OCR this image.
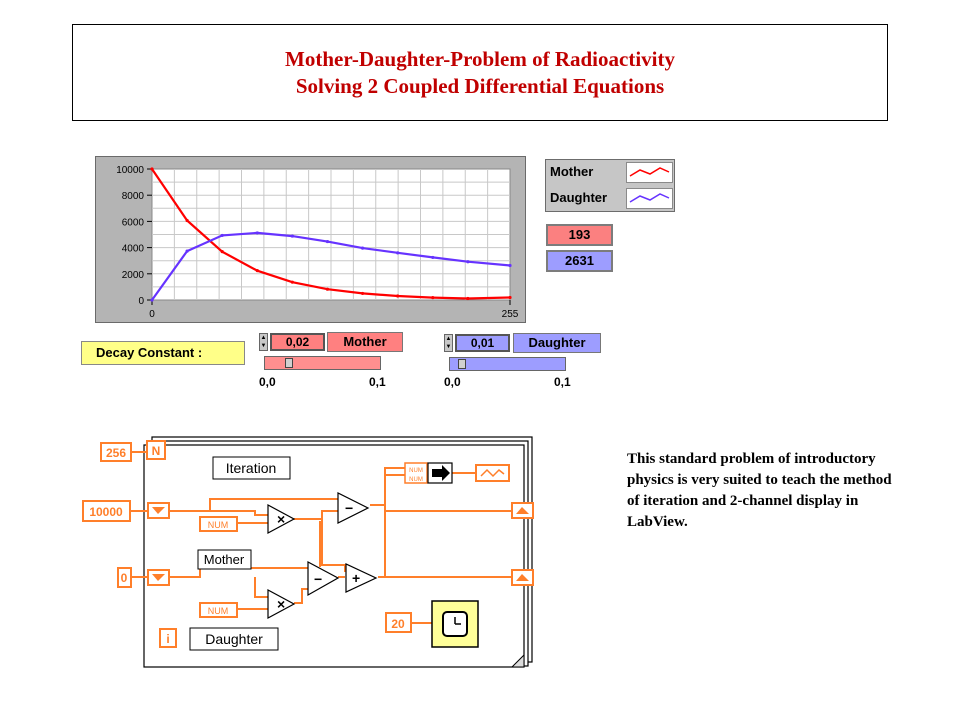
Mother-Daughter-Problem of Radioactivity
Solving 2 Coupled Differential Equations
0
2000
4000
6000
8000
10000
0	255
Mother
Daughter
193
2631
Decay Constant :
▲
▼	0,02	Mother
0,0	0,1
▲
▼	0,01	Daughter
0,0	0,1
256 N
Iteration
10000
NUM	×
−
Mother
0	− +
NUM	×
NUM
NUM
20
i	Daughter
This standard problem of introductory physics is very suited to teach the method of iteration and 2-channel display in LabView.
